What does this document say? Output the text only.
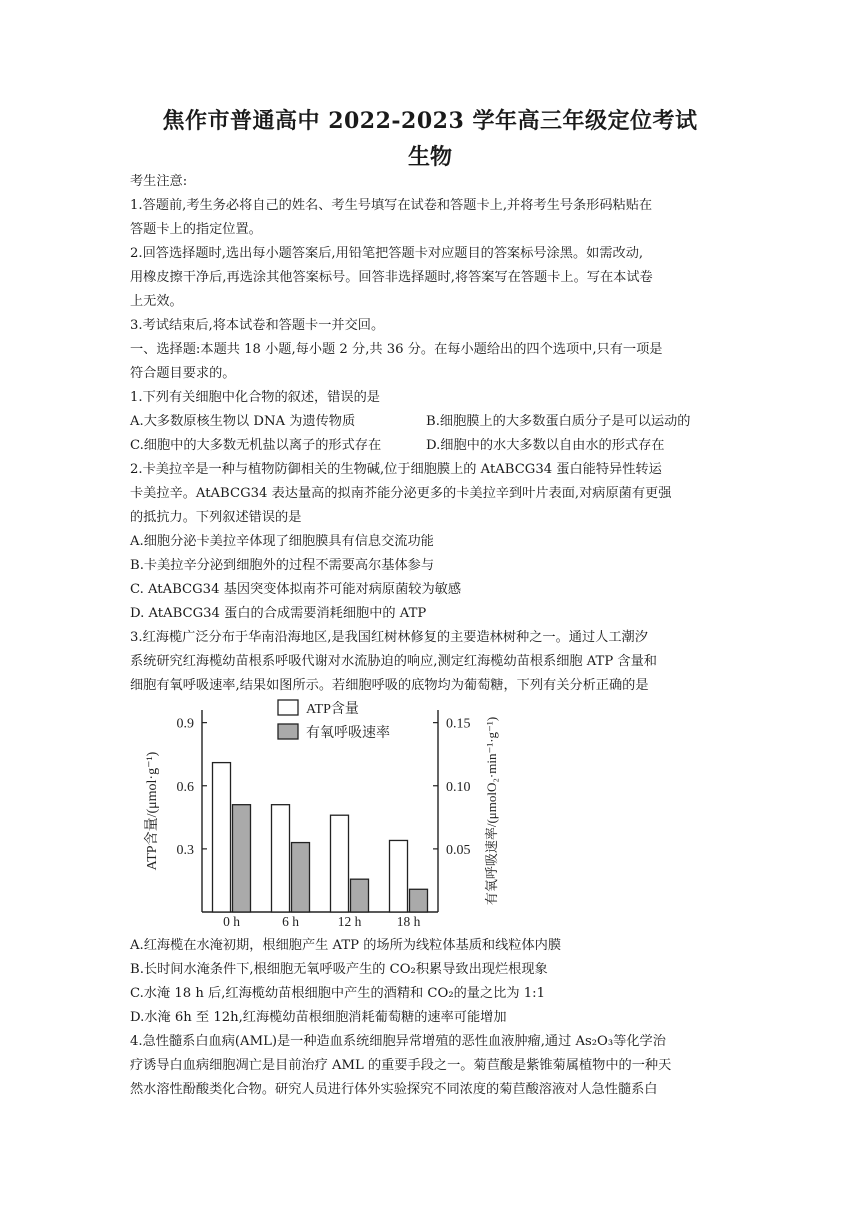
焦作市普通高中 2022-2023 学年高三年级定位考试
生物
考生注意:
1.答题前,考生务必将自己的姓名、考生号填写在试卷和答题卡上,并将考生号条形码粘贴在
答题卡上的指定位置。
2.回答选择题时,选出每小题答案后,用铅笔把答题卡对应题目的答案标号涂黑。如需改动,
用橡皮擦干净后,再选涂其他答案标号。回答非选择题时,将答案写在答题卡上。写在本试卷
上无效。
3.考试结束后,将本试卷和答题卡一并交回。
一、选择题:本题共 18 小题,每小题 2 分,共 36 分。在每小题给出的四个选项中,只有一项是
符合题目要求的。
1.下列有关细胞中化合物的叙述，错误的是
A.大多数原核生物以 DNA 为遗传物质	B.细胞膜上的大多数蛋白质分子是可以运动的
C.细胞中的大多数无机盐以离子的形式存在	D.细胞中的水大多数以自由水的形式存在
2.卡美拉辛是一种与植物防御相关的生物碱,位于细胞膜上的 AtABCG34 蛋白能特异性转运
卡美拉辛。AtABCG34 表达量高的拟南芥能分泌更多的卡美拉辛到叶片表面,对病原菌有更强
的抵抗力。下列叙述错误的是
A.细胞分泌卡美拉辛体现了细胞膜具有信息交流功能
B.卡美拉辛分泌到细胞外的过程不需要高尔基体参与
C. AtABCG34 基因突变体拟南芥可能对病原菌较为敏感
D. AtABCG34 蛋白的合成需要消耗细胞中的 ATP
3.红海榄广泛分布于华南沿海地区,是我国红树林修复的主要造林树种之一。通过人工潮汐
系统研究红海榄幼苗根系呼吸代谢对水流胁迫的响应,测定红海榄幼苗根系细胞 ATP 含量和
细胞有氧呼吸速率,结果如图所示。若细胞呼吸的底物均为葡萄糖，下列有关分析正确的是
0.3
0.6
0.9
0.05
0.10
0.15
0 h	6 h	12 h	18 h
ATP含量
有氧呼吸速率
ATP含量/(μmol·g⁻¹)	有氧呼吸速率/(μmolO₂·min⁻¹·g⁻¹)
A.红海榄在水淹初期，根细胞产生 ATP 的场所为线粒体基质和线粒体内膜
B.长时间水淹条件下,根细胞无氧呼吸产生的 CO₂积累导致出现烂根现象
C.水淹 18 h 后,红海榄幼苗根细胞中产生的酒精和 CO₂的量之比为 1:1
D.水淹 6h 至 12h,红海榄幼苗根细胞消耗葡萄糖的速率可能增加
4.急性髓系白血病(AML)是一种造血系统细胞异常增殖的恶性血液肿瘤,通过 As₂O₃等化学治
疗诱导白血病细胞凋亡是目前治疗 AML 的重要手段之一。菊苣酸是紫锥菊属植物中的一种天
然水溶性酚酸类化合物。研究人员进行体外实验探究不同浓度的菊苣酸溶液对人急性髓系白
